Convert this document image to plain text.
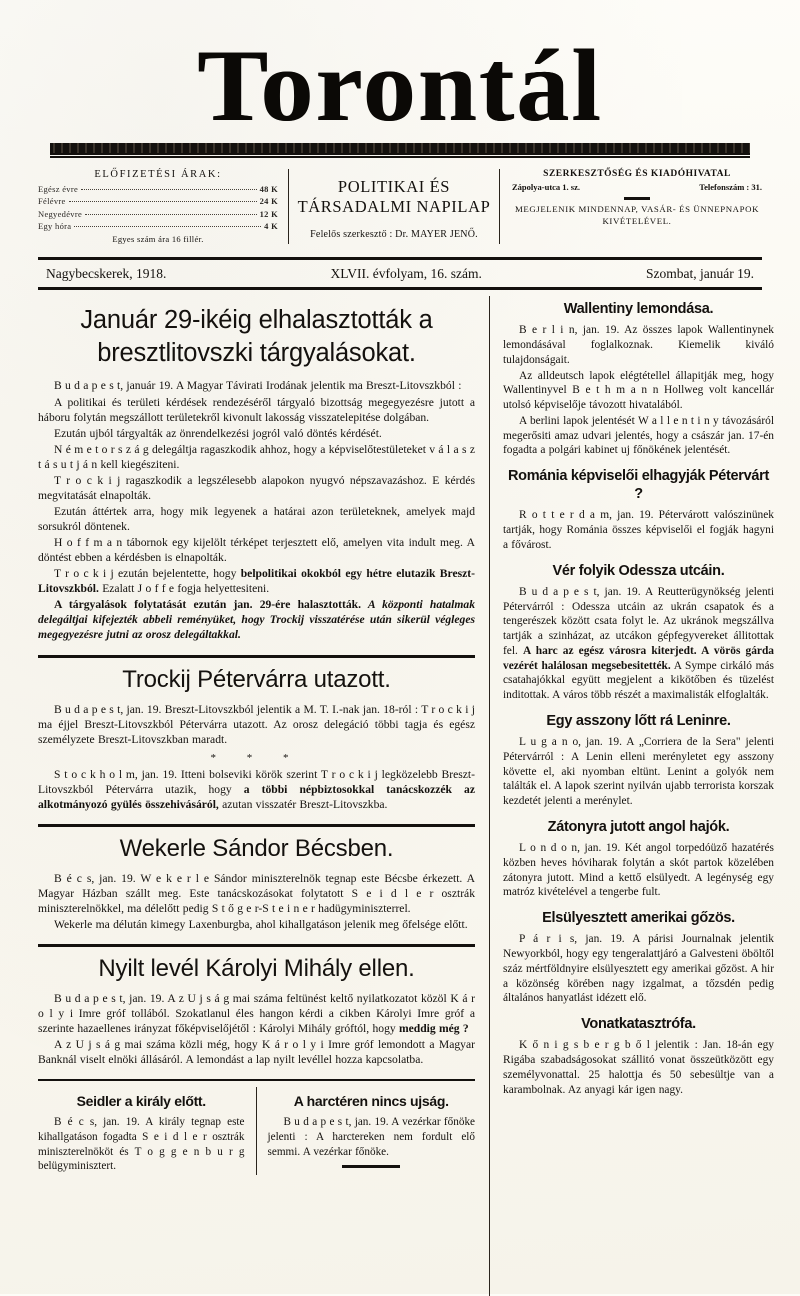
Torontál
ELŐFIZETÉSI ÁRAK:
Egész évre	48 K
Félévre	24 K
Negyedévre	12 K
Egy hóra	4 K
Egyes szám ára 16 fillér.
POLITIKAI ÉS TÁRSADALMI NAPILAP
Felelős szerkesztő : Dr. MAYER JENŐ.
SZERKESZTŐSÉG ÉS KIADÓHIVATAL
Zápolya-utca 1. sz.	Telefonszám : 31.
MEGJELENIK MINDENNAP, VASÁR- ÉS ÜNNEPNAPOK KIVÉTELÉVEL.
Nagybecskerek, 1918.	XLVII. évfolyam, 16. szám.	Szombat, január 19.
Január 29-ikéig elhalasztották a bresztlitovszki tárgyalásokat.

B u d a p e s t, január 19. A Magyar Távirati Irodának jelentik ma Breszt-Litovszkból :

A politikai és területi kérdések rendezéséről tárgyaló bizottság megegyezésre jutott a háboru folytán megszállott területekről kivonult lakosság visszatelepitése dolgában.

Ezután ujból tárgyalták az önrendelkezési jogról való döntés kérdését.

N é m e t o r s z á g delegáltja ragaszkodik ahhoz, hogy a képviselőtestületeket v á l a s z t á s u t j á n kell kiegésziteni.

T r o c k i j ragaszkodik a legszélesebb alapokon nyugvó népszavazáshoz. E kérdés megvitatását elnapolták.

Ezután áttértek arra, hogy mik legyenek a határai azon területeknek, amelyek majd sorsukról döntenek.

H o f f m a n tábornok egy kijelölt térképet terjesztett elő, amelyen vita indult meg. A döntést ebben a kérdésben is elnapolták.

T r o c k i j ezután bejelentette, hogy belpolitikai okokból egy hétre elutazik Breszt-Litovszkból. Ezalatt J o f f e fogja helyettesiteni.

A tárgyalások folytatását ezután jan. 29-ére halasztották. A központi hatalmak delegáltjai kifejezték abbeli reményüket, hogy Trockij visszatérése után sikerül végleges megegyezésre jutni az orosz delegáltakkal.

Trockij Pétervárra utazott.

B u d a p e s t, jan. 19. Breszt-Litovszkból jelentik a M. T. I.-nak jan. 18-ról : T r o c k i j ma éjjel Breszt-Litovszkból Pétervárra utazott. Az orosz delegáció többi tagja és egész személyzete Breszt-Litovszkban maradt.

* * *

S t o c k h o l m, jan. 19. Itteni bolseviki körök szerint T r o c k i j legközelebb Breszt-Litovszkból Pétervárra utazik, hogy a többi népbiztosokkal tanácskozzék az alkotmányozó gyülés összehivásáról, azutan visszatér Breszt-Litovszkba.

Wekerle Sándor Bécsben.

B é c s, jan. 19. W e k e r l e Sándor miniszterelnök tegnap este Bécsbe érkezett. A Magyar Házban szállt meg. Este tanácskozásokat folytatott S e i d l e r osztrák miniszterelnökkel, ma délelőtt pedig S t ő g e r-S t e i n e r hadügyminiszterrel.

Wekerle ma délután kimegy Laxenburgba, ahol kihallgatáson jelenik meg őfelsége előtt.

Nyilt levél Károlyi Mihály ellen.

B u d a p e s t, jan. 19. A z U j s á g mai száma feltünést keltő nyilatkozatot közöl K á r o l y i Imre gróf tollából. Szokatlanul éles hangon kérdi a cikben Károlyi Imre gróf a szerinte hazaellenes irányzat főképviselőjétől : Károlyi Mihály gróftól, hogy meddig még ?

A z U j s á g mai száma közli még, hogy K á r o l y i Imre gróf lemondott a Magyar Banknál viselt elnöki állásáról. A lemondást a lap nyilt levéllel hozza kapcsolatba.

Seidler a király előtt.

B é c s, jan. 19. A király tegnap este kihallgatáson fogadta S e i d l e r osztrák miniszterelnököt és T o g g e n b u r g belügyminisztert.

A harctéren nincs ujság.

B u d a p e s t, jan. 19. A vezérkar főnöke jelenti : A harctereken nem fordult elő semmi. A vezérkar főnöke.

Wallentiny lemondása.

B e r l i n, jan. 19. Az összes lapok Wallentinynek lemondásával foglalkoznak. Kiemelik kiváló tulajdonságait.

Az alldeutsch lapok elégtétellel állapitják meg, hogy Wallentinyvel B e t h m a n n Hollweg volt kancellár utolsó képviselője távozott hivatalából.

A berlini lapok jelentését W a l l e n t i n y távozásáról megerősiti amaz udvari jelentés, hogy a császár jan. 17-én fogadta a polgári kabinet uj főnökének jelentését.

Románia képviselői elhagyják Pétervárt ?

R o t t e r d a m, jan. 19. Pétervárott valószinünek tartják, hogy Románia összes képviselői el fogják hagyni a fővárost.

Vér folyik Odessza utcáin.

B u d a p e s t, jan. 19. A Reutterügynökség jelenti Pétervárról : Odessza utcáin az ukrán csapatok és a tengerészek között csata folyt le. Az ukránok megszállva tartják a szinházat, az utcákon gépfegyvereket állitottak fel. A harc az egész városra kiterjedt. A vörös gárda vezérét halálosan megsebesitették. A Sympe cirkáló más csatahajókkal együtt megjelent a kikötőben és tüzelést inditottak. A város több részét a maximalisták elfoglalták.

Egy asszony lőtt rá Leninre.

L u g a n o, jan. 19. A „Corriera de la Sera" jelenti Pétervárról : A Lenin elleni merényletet egy asszony követte el, aki nyomban eltünt. Lenint a golyók nem találták el. A lapok szerint nyilván ujabb terrorista korszak kezdetét jelenti a merénylet.

Zátonyra jutott angol hajók.

L o n d o n, jan. 19. Két angol torpedóüző hazatérés közben heves hóviharak folytán a skót partok közelében zátonyra jutott. Mind a kettő elsülyedt. A legénység egy matróz kivételével a tengerbe fult.

Elsülyesztett amerikai gőzös.

P á r i s, jan. 19. A párisi Journalnak jelentik Newyorkból, hogy egy tengeralattjáró a Galvesteni öböltől száz mértföldnyire elsülyesztett egy amerikai gőzöst. A hir a közönség körében nagy izgalmat, a tőzsdén pedig általános hanyatlást idézett elő.

Vonatkatasztrófa.

K ő n i g s b e r g b ő l jelentik : Jan. 18-án egy Rigába szabadságosokat szállitó vonat összeütközött egy személyvonattal. 25 halottja és 50 sebesültje van a karambolnak. Az anyagi kár igen nagy.
